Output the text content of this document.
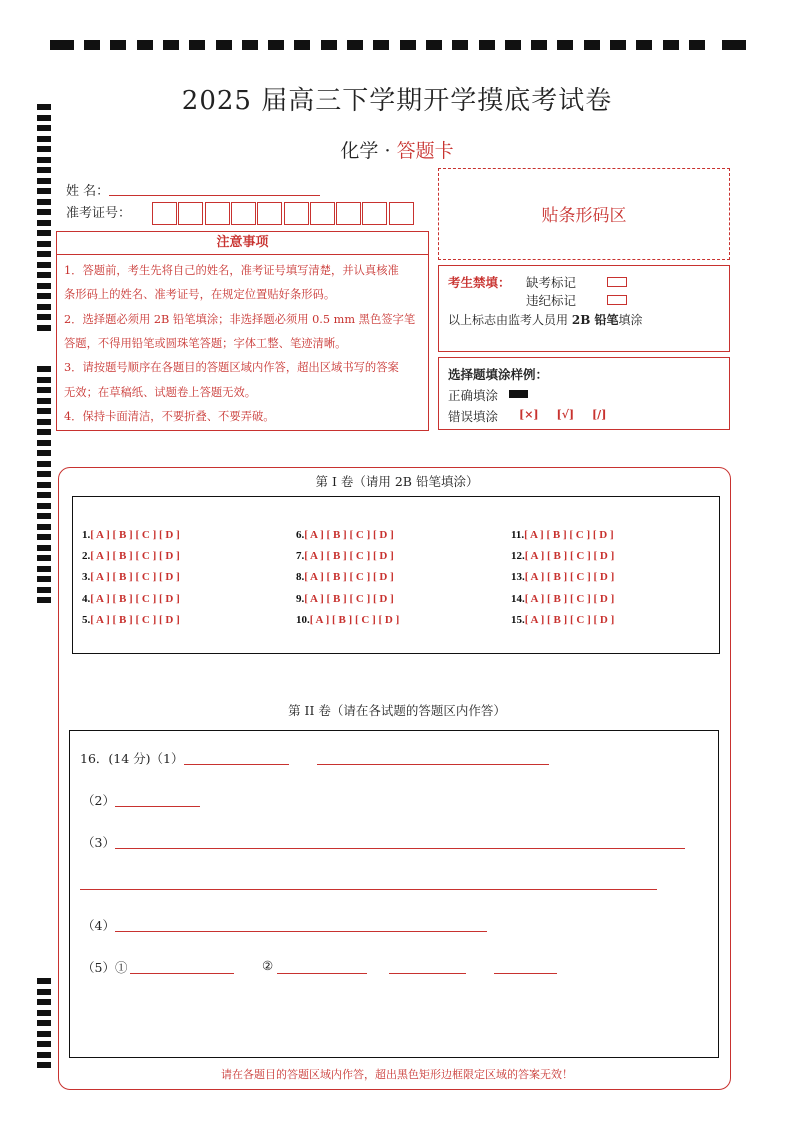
2025 届高三下学期开学摸底考试卷
化学 · 答题卡
姓 名：
准考证号：	贴条形码区
注意事项
1．答题前，考生先将自己的姓名，准考证号填写清楚，并认真核准
条形码上的姓名、准考证号，在规定位置贴好条形码。
2．选择题必须用 2B 铅笔填涂；非选择题必须用 0.5 mm 黑色签字笔
答题，不得用铅笔或圆珠笔答题；字体工整、笔迹清晰。
3．请按题号顺序在各题目的答题区域内作答，超出区域书写的答案
无效；在草稿纸、试题卷上答题无效。
4．保持卡面清洁，不要折叠、不要弄破。
考生禁填： 缺考标记
违纪标记
以上标志由监考人员用 2B 铅笔填涂
选择题填涂样例：
正确填涂
错误填涂 [×] [√] [/]
第 I 卷（请用 2B 铅笔填涂）
1.[ A ] [ B ] [ C ] [ D ]
2.[ A ] [ B ] [ C ] [ D ]
3.[ A ] [ B ] [ C ] [ D ]
4.[ A ] [ B ] [ C ] [ D ]
5.[ A ] [ B ] [ C ] [ D ]
6.[ A ] [ B ] [ C ] [ D ]
7.[ A ] [ B ] [ C ] [ D ]
8.[ A ] [ B ] [ C ] [ D ]
9.[ A ] [ B ] [ C ] [ D ]
10.[ A ] [ B ] [ C ] [ D ]
11.[ A ] [ B ] [ C ] [ D ]
12.[ A ] [ B ] [ C ] [ D ]
13.[ A ] [ B ] [ C ] [ D ]
14.[ A ] [ B ] [ C ] [ D ]
15.[ A ] [ B ] [ C ] [ D ]
第 II 卷（请在各试题的答题区内作答）
16．(14 分)（1）
（2）
（3）
（4）
（5）①	②
请在各题目的答题区域内作答，超出黑色矩形边框限定区域的答案无效！
